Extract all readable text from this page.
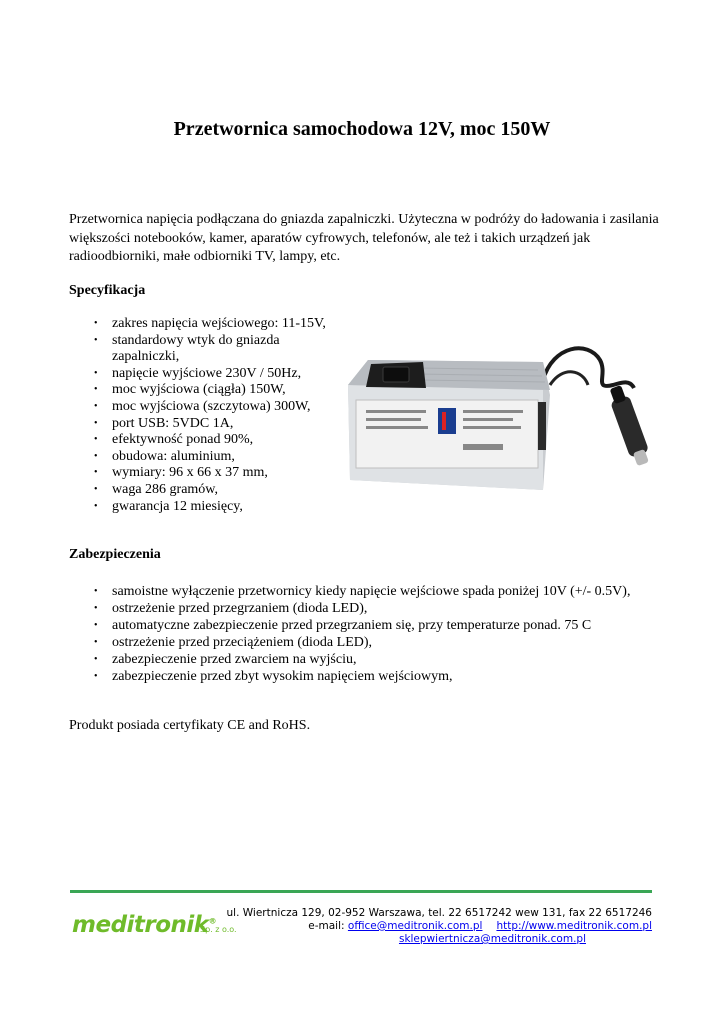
Przetwornica samochodowa 12V, moc 150W
Przetwornica napięcia podłączana do gniazda zapalniczki. Użyteczna w podróży do ładowania i zasilania większości notebooków, kamer, aparatów cyfrowych, telefonów, ale też i takich urządzeń jak radioodbiorniki, małe odbiorniki TV, lampy, etc.
Specyfikacja
• zakres napięcia wejściowego: 11-15V,
• standardowy wtyk do gniazda zapalniczki,
• napięcie wyjściowe 230V / 50Hz,
• moc wyjściowa (ciągła) 150W,
• moc wyjściowa (szczytowa) 300W,
• port USB: 5VDC 1A,
• efektywność ponad 90%,
• obudowa: aluminium,
• wymiary: 96 x 66 x 37 mm,
• waga 286 gramów,
• gwarancja 12 miesięcy,
Zabezpieczenia
• samoistne wyłączenie przetwornicy kiedy napięcie wejściowe spada poniżej 10V (+/- 0.5V),
• ostrzeżenie przed przegrzaniem (dioda LED),
• automatyczne zabezpieczenie przed przegrzaniem się, przy temperaturze ponad. 75 C
• ostrzeżenie przed przeciążeniem (dioda LED),
• zabezpieczenie przed zwarciem na wyjściu,
• zabezpieczenie przed zbyt wysokim napięciem wejściowym,
Produkt posiada certyfikaty CE and RoHS.
meditronik®
Sp. z o.o.
ul. Wiertnicza 129, 02-952 Warszawa, tel. 22 6517242 wew 131, fax 22 6517246
e-mail: office@meditronik.com.pl http://www.meditronik.com.pl
sklepwiertnicza@meditronik.com.pl
